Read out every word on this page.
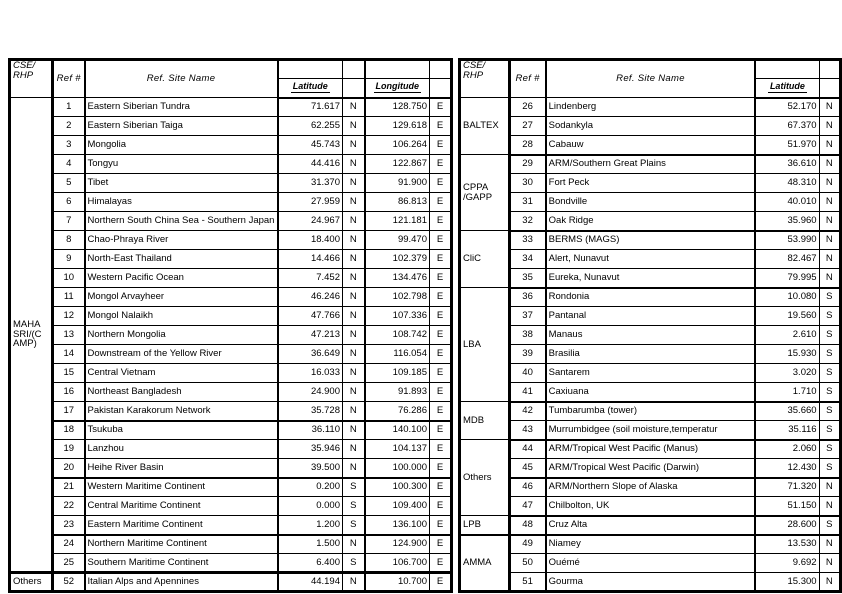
CSE/
RHP	Ref #	Ref. Site Name				
			Latitude		Longitude	

MAHA
SRI/(C
AMP)	1	Eastern Siberian Tundra	71.617	N	128.750	E
	2	Eastern Siberian Taiga	62.255	N	129.618	E
	3	Mongolia	45.743	N	106.264	E
	4	Tongyu	44.416	N	122.867	E
	5	Tibet	31.370	N	91.900	E
	6	Himalayas	27.959	N	86.813	E
	7	Northern South China Sea - Southern Japan	24.967	N	121.181	E
	8	Chao-Phraya River	18.400	N	99.470	E
	9	North-East Thailand	14.466	N	102.379	E
	10	Western Pacific Ocean	7.452	N	134.476	E
	11	Mongol Arvayheer	46.246	N	102.798	E
	12	Mongol Nalaikh	47.766	N	107.336	E
	13	Northern Mongolia	47.213	N	108.742	E
	14	Downstream of the Yellow River	36.649	N	116.054	E
	15	Central Vietnam	16.033	N	109.185	E
	16	Northeast Bangladesh	24.900	N	91.893	E
	17	Pakistan Karakorum Network	35.728	N	76.286	E
	18	Tsukuba	36.110	N	140.100	E
	19	Lanzhou	35.946	N	104.137	E
	20	Heihe River Basin	39.500	N	100.000	E
	21	Western Maritime Continent	0.200	S	100.300	E
	22	Central Maritime Continent	0.000	S	109.400	E
	23	Eastern Maritime Continent	1.200	S	136.100	E
	24	Northern Maritime Continent	1.500	N	124.900	E
	25	Southern Maritime Continent	6.400	S	106.700	E
Others	52	Italian Alps and Apennines	44.194	N	10.700	E
CSE/
RHP	Ref #	Ref. Site Name		
			Latitude	
BALTEX	26	Lindenberg	52.170	N
	27	Sodankyla	67.370	N
	28	Cabauw	51.970	N

CPPA
/GAPP	29	ARM/Southern Great Plains	36.610	N
	30	Fort Peck	48.310	N
	31	Bondville	40.010	N
	32	Oak Ridge	35.960	N
CliC	33	BERMS (MAGS)	53.990	N
	34	Alert, Nunavut	82.467	N
	35	Eureka, Nunavut	79.995	N
LBA	36	Rondonia	10.080	S
	37	Pantanal	19.560	S
	38	Manaus	2.610	S
	39	Brasilia	15.930	S
	40	Santarem	3.020	S
	41	Caxiuana	1.710	S
MDB	42	Tumbarumba (tower)	35.660	S
	43	Murrumbidgee (soil moisture,temperatur	35.116	S
Others	44	ARM/Tropical West Pacific (Manus)	2.060	S
	45	ARM/Tropical West Pacific (Darwin)	12.430	S
	46	ARM/Northern Slope of Alaska	71.320	N
	47	Chilbolton, UK	51.150	N
LPB	48	Cruz Alta	28.600	S
AMMA	49	Niamey	13.530	N
	50	Ouémé	9.692	N
	51	Gourma	15.300	N
